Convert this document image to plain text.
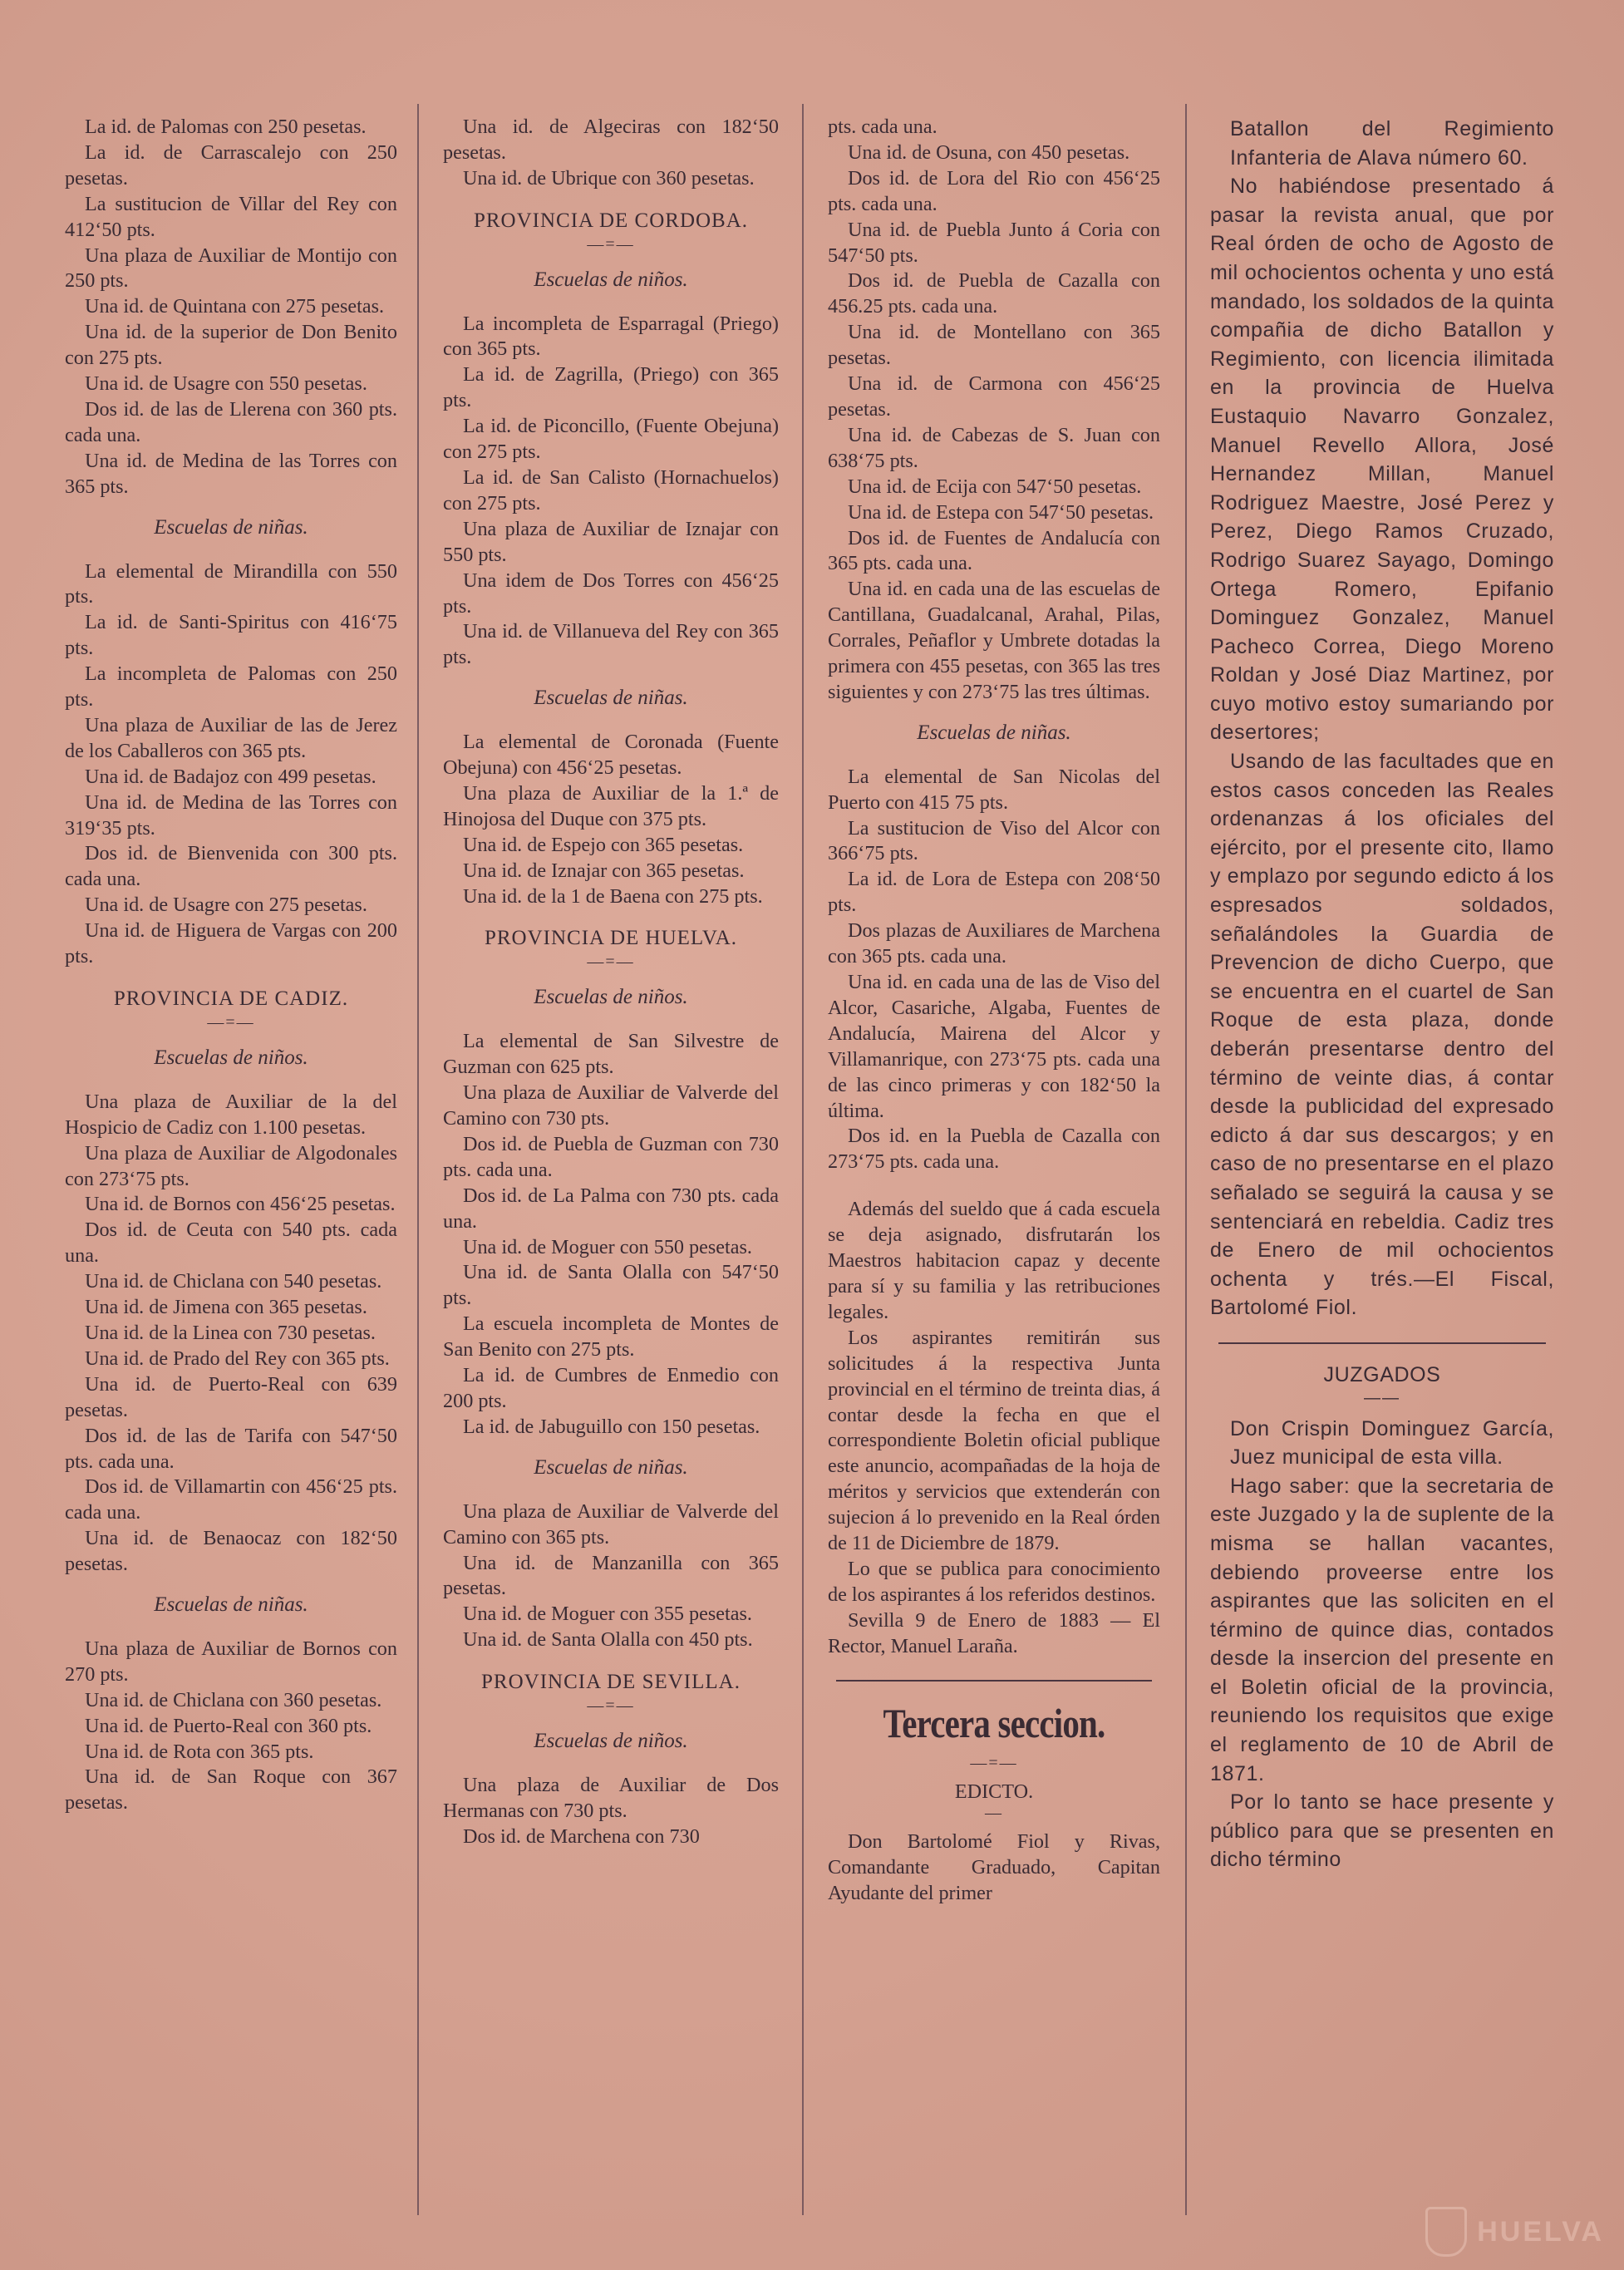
La id. de Palomas con 250 pesetas.

La id. de Carrascalejo con 250 pesetas.

La sustitucion de Villar del Rey con 412‘50 pts.

Una plaza de Auxiliar de Montijo con 250 pts.

Una id. de Quintana con 275 pesetas.

Una id. de la superior de Don Benito con 275 pts.

Una id. de Usagre con 550 pesetas.

Dos id. de las de Llerena con 360 pts. cada una.

Una id. de Medina de las Torres con 365 pts.

Escuelas de niñas.

La elemental de Mirandilla con 550 pts.

La id. de Santi-Spiritus con 416‘75 pts.

La incompleta de Palomas con 250 pts.

Una plaza de Auxiliar de las de Jerez de los Caballeros con 365 pts.

Una id. de Badajoz con 499 pesetas.

Una id. de Medina de las Torres con 319‘35 pts.

Dos id. de Bienvenida con 300 pts. cada una.

Una id. de Usagre con 275 pesetas.

Una id. de Higuera de Vargas con 200 pts.

PROVINCIA DE CADIZ.

—=—

Escuelas de niños.

Una plaza de Auxiliar de la del Hospicio de Cadiz con 1.100 pesetas.

Una plaza de Auxiliar de Algodonales con 273‘75 pts.

Una id. de Bornos con 456‘25 pesetas.

Dos id. de Ceuta con 540 pts. cada una.

Una id. de Chiclana con 540 pesetas.

Una id. de Jimena con 365 pesetas.

Una id. de la Linea con 730 pesetas.

Una id. de Prado del Rey con 365 pts.

Una id. de Puerto-Real con 639 pesetas.

Dos id. de las de Tarifa con 547‘50 pts. cada una.

Dos id. de Villamartin con 456‘25 pts. cada una.

Una id. de Benaocaz con 182‘50 pesetas.

Escuelas de niñas.

Una plaza de Auxiliar de Bornos con 270 pts.

Una id. de Chiclana con 360 pesetas.

Una id. de Puerto-Real con 360 pts.

Una id. de Rota con 365 pts.

Una id. de San Roque con 367 pesetas.

Una id. de Algeciras con 182‘50 pesetas.

Una id. de Ubrique con 360 pesetas.

PROVINCIA DE CORDOBA.

—=—

Escuelas de niños.

La incompleta de Esparragal (Priego) con 365 pts.

La id. de Zagrilla, (Priego) con 365 pts.

La id. de Piconcillo, (Fuente Obejuna) con 275 pts.

La id. de San Calisto (Hornachuelos) con 275 pts.

Una plaza de Auxiliar de Iznajar con 550 pts.

Una idem de Dos Torres con 456‘25 pts.

Una id. de Villanueva del Rey con 365 pts.

Escuelas de niñas.

La elemental de Coronada (Fuente Obejuna) con 456‘25 pesetas.

Una plaza de Auxiliar de la 1.ª de Hinojosa del Duque con 375 pts.

Una id. de Espejo con 365 pesetas.

Una id. de Iznajar con 365 pesetas.

Una id. de la 1 de Baena con 275 pts.

PROVINCIA DE HUELVA.

—=—

Escuelas de niños.

La elemental de San Silvestre de Guzman con 625 pts.

Una plaza de Auxiliar de Valverde del Camino con 730 pts.

Dos id. de Puebla de Guzman con 730 pts. cada una.

Dos id. de La Palma con 730 pts. cada una.

Una id. de Moguer con 550 pesetas.

Una id. de Santa Olalla con 547‘50 pts.

La escuela incompleta de Montes de San Benito con 275 pts.

La id. de Cumbres de Enmedio con 200 pts.

La id. de Jabuguillo con 150 pesetas.

Escuelas de niñas.

Una plaza de Auxiliar de Valverde del Camino con 365 pts.

Una id. de Manzanilla con 365 pesetas.

Una id. de Moguer con 355 pesetas.

Una id. de Santa Olalla con 450 pts.

PROVINCIA DE SEVILLA.

—=—

Escuelas de niños.

Una plaza de Auxiliar de Dos Hermanas con 730 pts.

Dos id. de Marchena con 730

pts. cada una.

Una id. de Osuna, con 450 pesetas.

Dos id. de Lora del Rio con 456‘25 pts. cada una.

Una id. de Puebla Junto á Coria con 547‘50 pts.

Dos id. de Puebla de Cazalla con 456.25 pts. cada una.

Una id. de Montellano con 365 pesetas.

Una id. de Carmona con 456‘25 pesetas.

Una id. de Cabezas de S. Juan con 638‘75 pts.

Una id. de Ecija con 547‘50 pesetas.

Una id. de Estepa con 547‘50 pesetas.

Dos id. de Fuentes de Andalucía con 365 pts. cada una.

Una id. en cada una de las escuelas de Cantillana, Guadalcanal, Arahal, Pilas, Corrales, Peñaflor y Umbrete dotadas la primera con 455 pesetas, con 365 las tres siguientes y con 273‘75 las tres últimas.

Escuelas de niñas.

La elemental de San Nicolas del Puerto con 415 75 pts.

La sustitucion de Viso del Alcor con 366‘75 pts.

La id. de Lora de Estepa con 208‘50 pts.

Dos plazas de Auxiliares de Marchena con 365 pts. cada una.

Una id. en cada una de las de Viso del Alcor, Casariche, Algaba, Fuentes de Andalucía, Mairena del Alcor y Villamanrique, con 273‘75 pts. cada una de las cinco primeras y con 182‘50 la última.

Dos id. en la Puebla de Cazalla con 273‘75 pts. cada una.

Además del sueldo que á cada escuela se deja asignado, disfrutarán los Maestros habitacion capaz y decente para sí y su familia y las retribuciones legales.

Los aspirantes remitirán sus solicitudes á la respectiva Junta provincial en el término de treinta dias, á contar desde la fecha en que el correspondiente Boletin oficial publique este anuncio, acompañadas de la hoja de méritos y servicios que extenderán con sujecion á lo prevenido en la Real órden de 11 de Diciembre de 1879.

Lo que se publica para conocimiento de los aspirantes á los referidos destinos.

Sevilla 9 de Enero de 1883 — El Rector, Manuel Laraña.

Tercera seccion.

—=—

EDICTO.

—

Don Bartolomé Fiol y Rivas, Comandante Graduado, Capitan Ayudante del primer

Batallon del Regimiento Infanteria de Alava número 60.

No habiéndose presentado á pasar la revista anual, que por Real órden de ocho de Agosto de mil ochocientos ochenta y uno está mandado, los soldados de la quinta compañia de dicho Batallon y Regimiento, con licencia ilimitada en la provincia de Huelva Eustaquio Navarro Gonzalez, Manuel Revello Allora, José Hernandez Millan, Manuel Rodriguez Maestre, José Perez y Perez, Diego Ramos Cruzado, Rodrigo Suarez Sayago, Domingo Ortega Romero, Epifanio Dominguez Gonzalez, Manuel Pacheco Correa, Diego Moreno Roldan y José Diaz Martinez, por cuyo motivo estoy sumariando por desertores;

Usando de las facultades que en estos casos conceden las Reales ordenanzas á los oficiales del ejército, por el presente cito, llamo y emplazo por segundo edicto á los espresados soldados, señalándoles la Guardia de Prevencion de dicho Cuerpo, que se encuentra en el cuartel de San Roque de esta plaza, donde deberán presentarse dentro del término de veinte dias, á contar desde la publicidad del expresado edicto á dar sus descargos; y en caso de no presentarse en el plazo señalado se seguirá la causa y se sentenciará en rebeldia. Cadiz tres de Enero de mil ochocientos ochenta y trés.—El Fiscal, Bartolomé Fiol.

JUZGADOS

——

Don Crispin Dominguez García, Juez municipal de esta villa.

Hago saber: que la secretaria de este Juzgado y la de suplente de la misma se hallan vacantes, debiendo proveerse entre los aspirantes que las soliciten en el término de quince dias, contados desde la insercion del presente en el Boletin oficial de la provincia, reuniendo los requisitos que exige el reglamento de 10 de Abril de 1871.

Por lo tanto se hace presente y público para que se presenten en dicho término

HUELVA
